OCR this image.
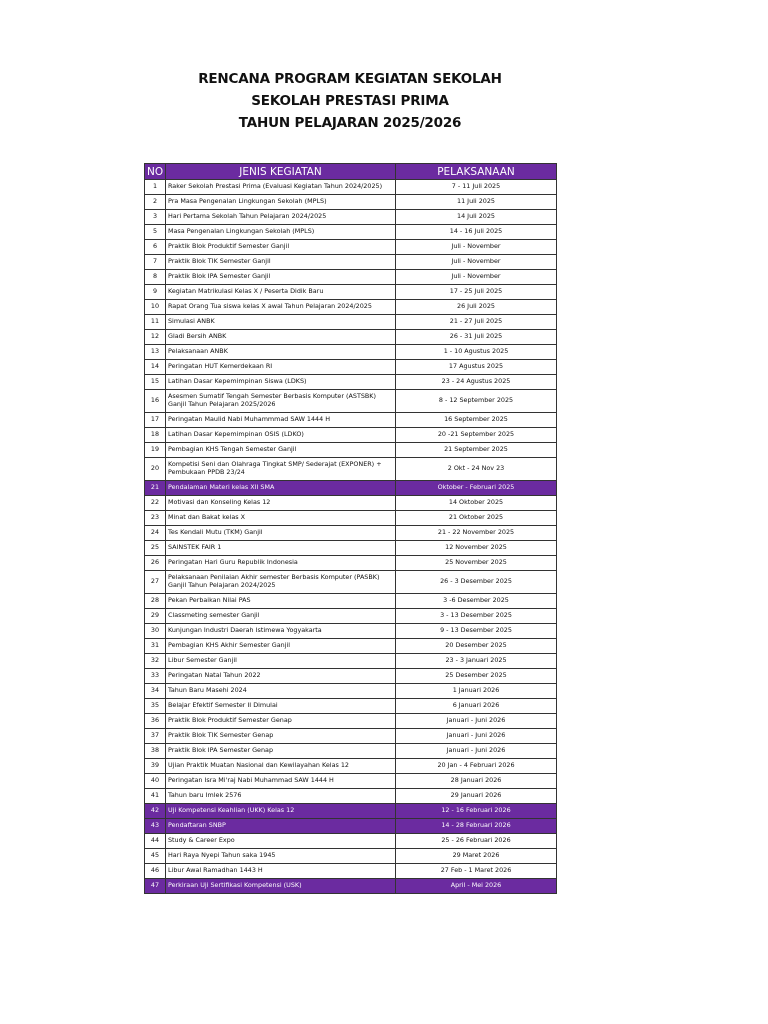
RENCANA PROGRAM KEGIATAN SEKOLAH
SEKOLAH PRESTASI PRIMA
TAHUN PELAJARAN 2025/2026
NO	JENIS KEGIATAN	PELAKSANAAN
1	Raker Sekolah Prestasi Prima (Evaluasi Kegiatan Tahun 2024/2025)	7 - 11 Juli 2025
2	Pra Masa Pengenalan Lingkungan Sekolah (MPLS)	11 Juli 2025
3	Hari Pertama Sekolah Tahun Pelajaran 2024/2025	14 Juli 2025
5	Masa Pengenalan Lingkungan Sekolah (MPLS)	14 - 16 Juli 2025
6	Praktik Blok Produktif Semester Ganjil	Juli - November
7	Praktik Blok TIK Semester Ganjil	Juli - November
8	Praktik Blok IPA Semester Ganjil	Juli - November
9	Kegiatan Matrikulasi Kelas X / Peserta Didik Baru	17 - 25 Juli 2025
10	Rapat Orang Tua siswa kelas X awal Tahun Pelajaran 2024/2025	26 Juli 2025
11	Simulasi ANBK	21 - 27 Juli 2025
12	Gladi Bersih ANBK	26 - 31 Juli 2025
13	Pelaksanaan ANBK	1 - 10 Agustus 2025
14	Peringatan HUT Kemerdekaan RI	17 Agustus 2025
15	Latihan Dasar Kepemimpinan Siswa (LDKS)	23 - 24 Agustus 2025
16	Asesmen Sumatif Tengah Semester Berbasis Komputer (ASTSBK) Ganjil Tahun Pelajaran 2025/2026	8 - 12 September 2025
17	Peringatan Maulid Nabi Muhammmad SAW 1444 H	16 September 2025
18	Latihan Dasar Kepemimpinan OSIS (LDKO)	20 -21 September 2025
19	Pembagian KHS Tengah Semester Ganjil	21 September 2025
20	Kompetisi Seni dan Olahraga Tingkat SMP/ Sederajat (EXPONER) + Pembukaan PPDB 23/24	2 Okt - 24 Nov 23
21	Pendalaman Materi kelas XII SMA	Oktober - Februari 2025
22	Motivasi dan Konseling Kelas 12	14 Oktober 2025
23	Minat dan Bakat kelas X	21 Oktober 2025
24	Tes Kendali Mutu (TKM) Ganjil	21 - 22 November 2025
25	SAINSTEK FAIR 1	12 November 2025
26	Peringatan Hari Guru Republik Indonesia	25 November 2025
27	Pelaksanaan Penilaian Akhir semester Berbasis Komputer (PASBK) Ganjil Tahun Pelajaran 2024/2025	26 - 3 Desember 2025
28	Pekan Perbaikan Nilai PAS	3 -6 Desember 2025
29	Classmeting semester Ganjil	3 - 13 Desember 2025
30	Kunjungan Industri Daerah Istimewa Yogyakarta	9 - 13 Desember 2025
31	Pembagian KHS Akhir Semester Ganjil	20 Desember 2025
32	Libur Semester Ganjil	23 - 3 Januari 2025
33	Peringatan Natal Tahun 2022	25 Desember 2025
34	Tahun Baru Masehi 2024	1 Januari 2026
35	Belajar Efektif Semester II Dimulai	6 Januari 2026
36	Praktik Blok Produktif Semester Genap	Januari - Juni 2026
37	Praktik Blok TIK Semester Genap	Januari - Juni 2026
38	Praktik Blok IPA Semester Genap	Januari - Juni 2026
39	Ujian Praktik Muatan Nasional dan Kewilayahan Kelas 12	20 Jan - 4 Februari 2026
40	Peringatan Isra Mi'raj Nabi Muhammad SAW 1444 H	28 Januari 2026
41	Tahun baru Imlek 2576	29 Januari 2026
42	Uji Kompetensi Keahlian (UKK) Kelas 12	12 - 16 Februari 2026
43	Pendaftaran SNBP	14 - 28 Februari 2026
44	Study & Career Expo	25 - 26 Februari 2026
45	Hari Raya Nyepi Tahun saka 1945	29 Maret 2026
46	Libur Awal Ramadhan 1443 H	27 Feb - 1 Maret 2026
47	Perkiraan Uji Sertifikasi Kompetensi (USK)	April - Mei 2026
